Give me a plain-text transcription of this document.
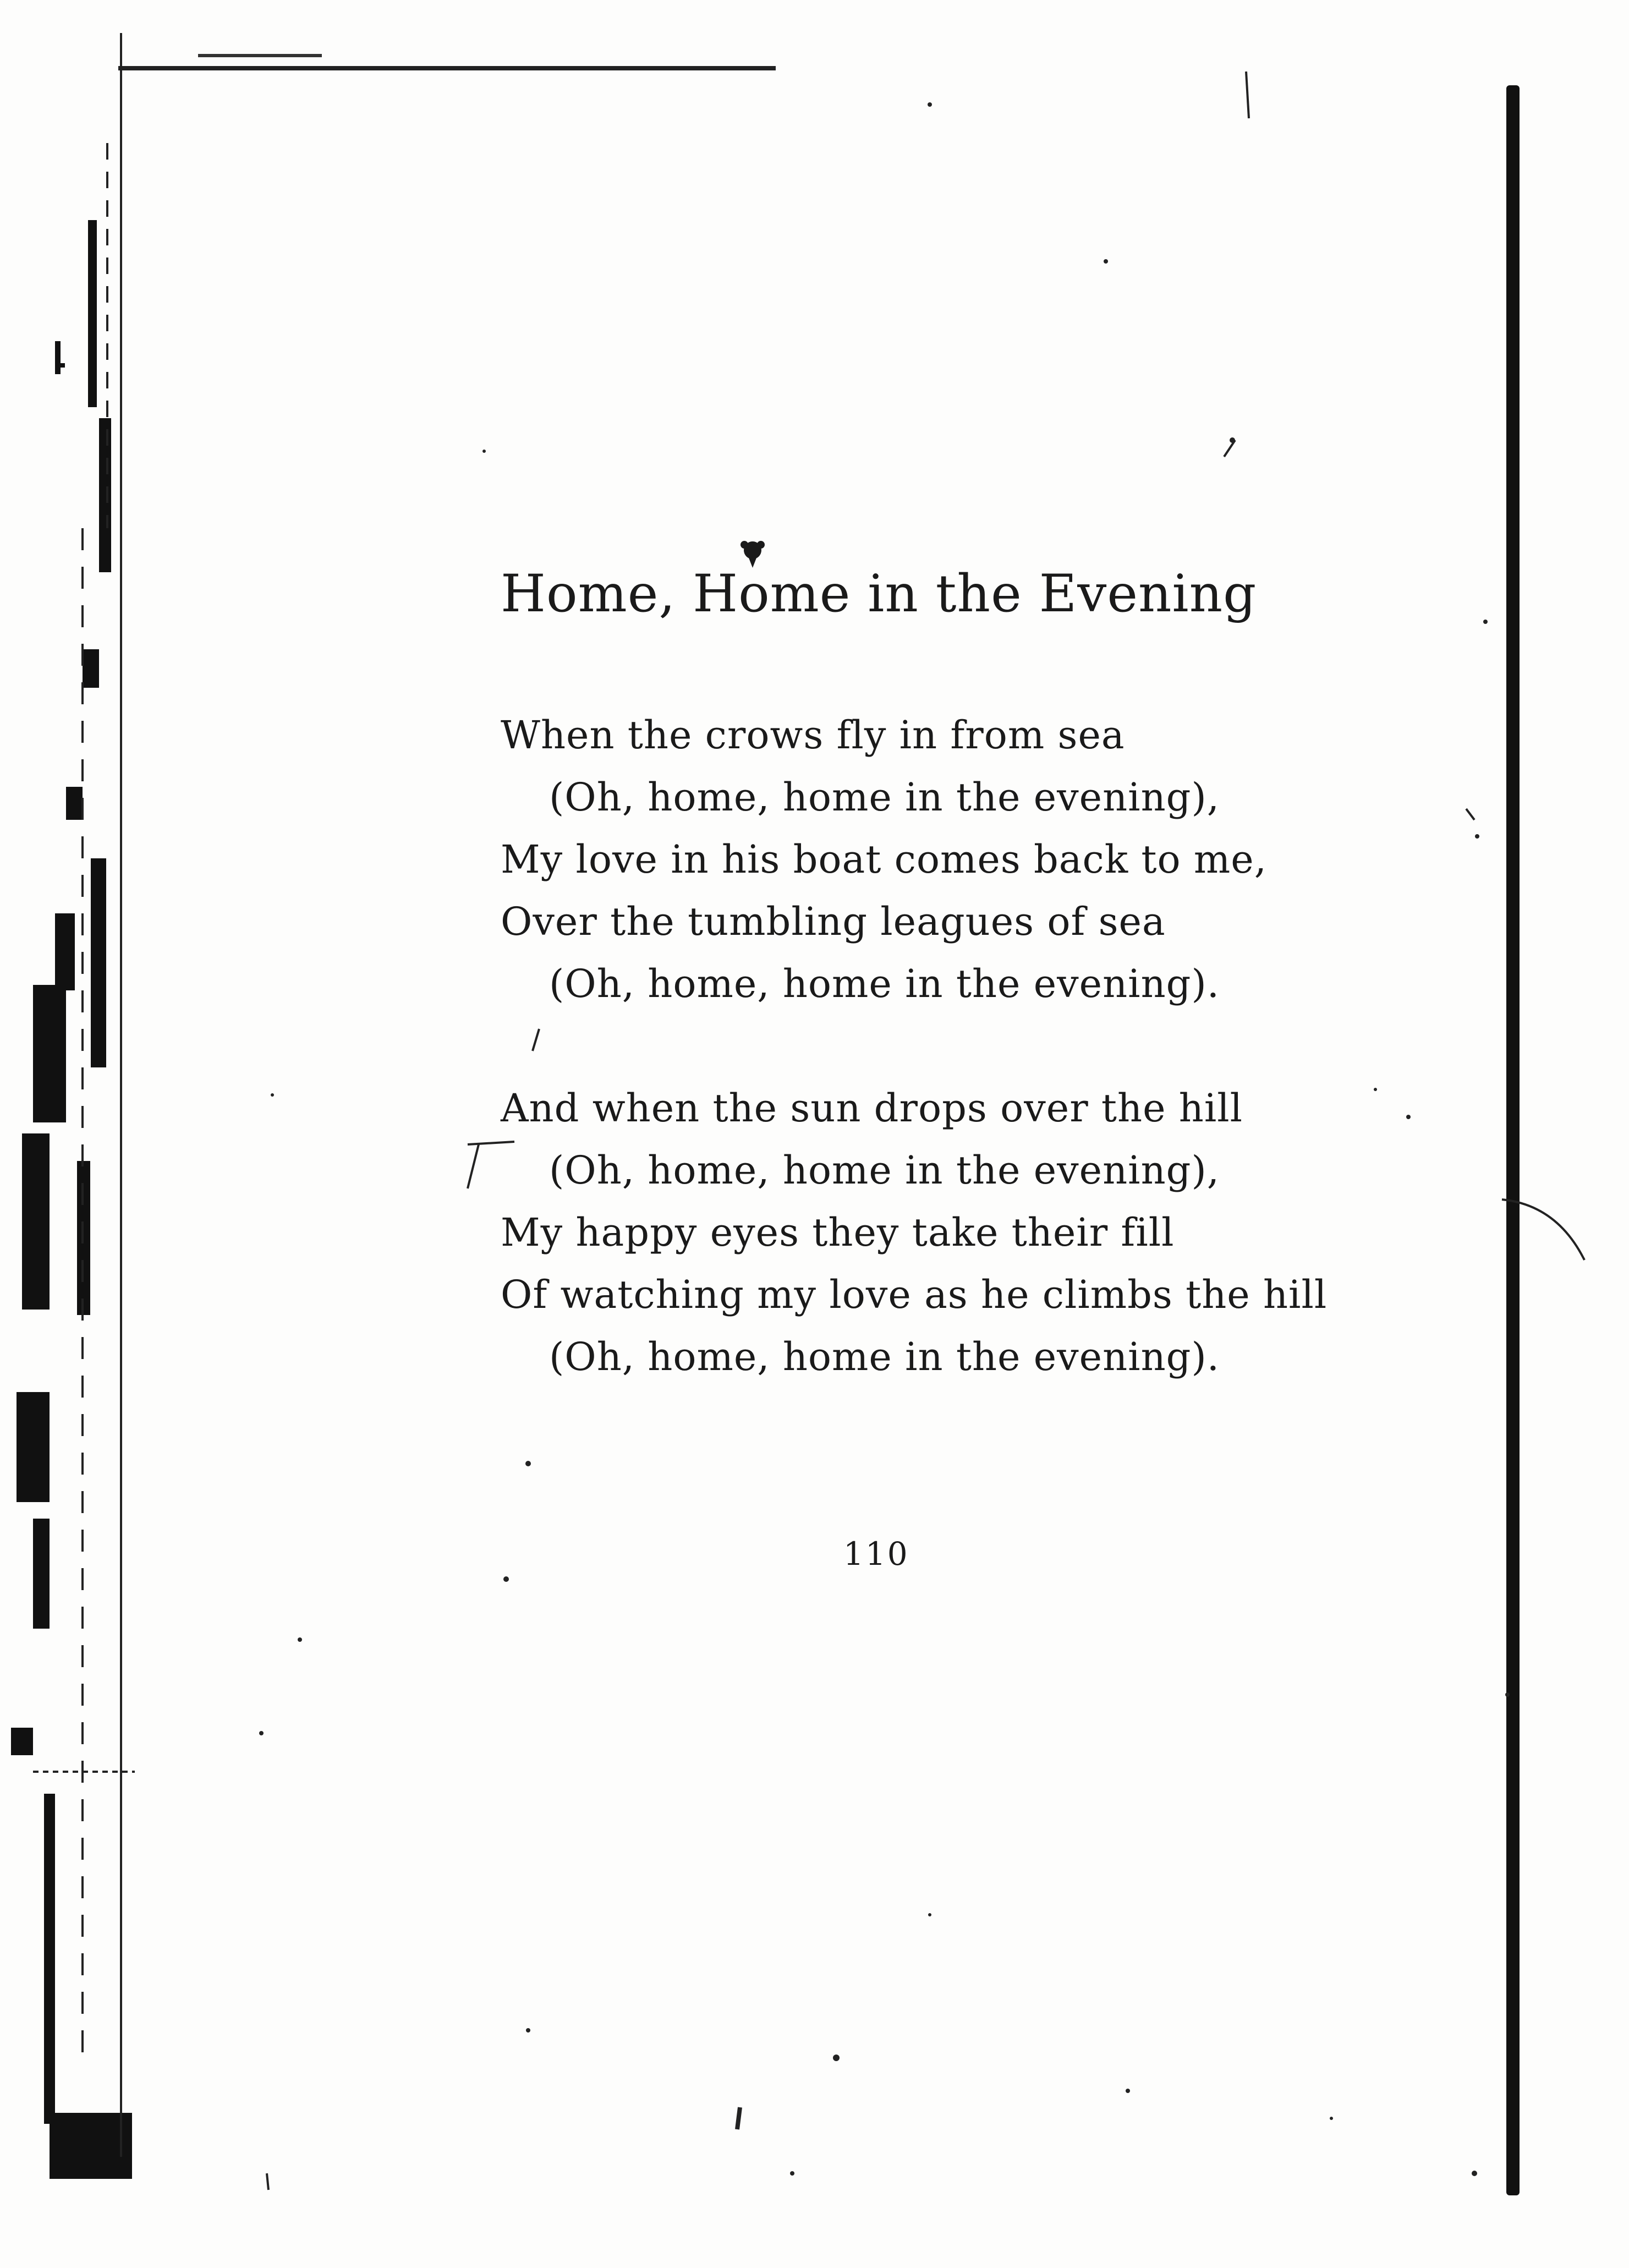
Home, Home in the Evening
When the crows fly in from sea
(Oh, home, home in the evening),
My love in his boat comes back to me,
Over the tumbling leagues of sea
(Oh, home, home in the evening).
And when the sun drops over the hill
(Oh, home, home in the evening),
My happy eyes they take their fill
Of watching my love as he climbs the hill
(Oh, home, home in the evening).
110
